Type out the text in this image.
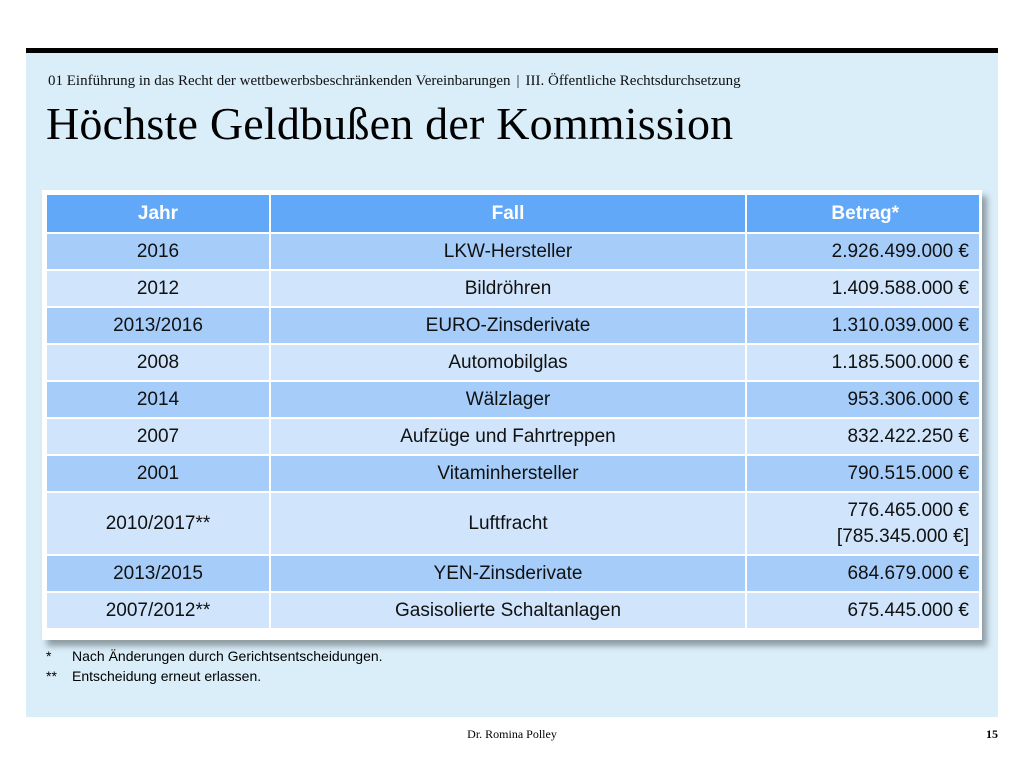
01 Einführung in das Recht der wettbewerbsbeschränkenden Vereinbarungen | III. Öffentliche Rechtsdurchsetzung
Höchste Geldbußen der Kommission
Jahr	Fall	Betrag*
2016	LKW-Hersteller	2.926.499.000 €
2012	Bildröhren	1.409.588.000 €
2013/2016	EURO-Zinsderivate	1.310.039.000 €
2008	Automobilglas	1.185.500.000 €
2014	Wälzlager	953.306.000 €
2007	Aufzüge und Fahrtreppen	832.422.250 €
2001	Vitaminhersteller	790.515.000 €
2010/2017**	Luftfracht	776.465.000 €
[785.345.000 €]

2013/2015	YEN-Zinsderivate	684.679.000 €
2007/2012**	Gasisolierte Schaltanlagen	675.445.000 €
* Nach Änderungen durch Gerichtsentscheidungen.
** Entscheidung erneut erlassen.
Dr. Romina Polley	15
